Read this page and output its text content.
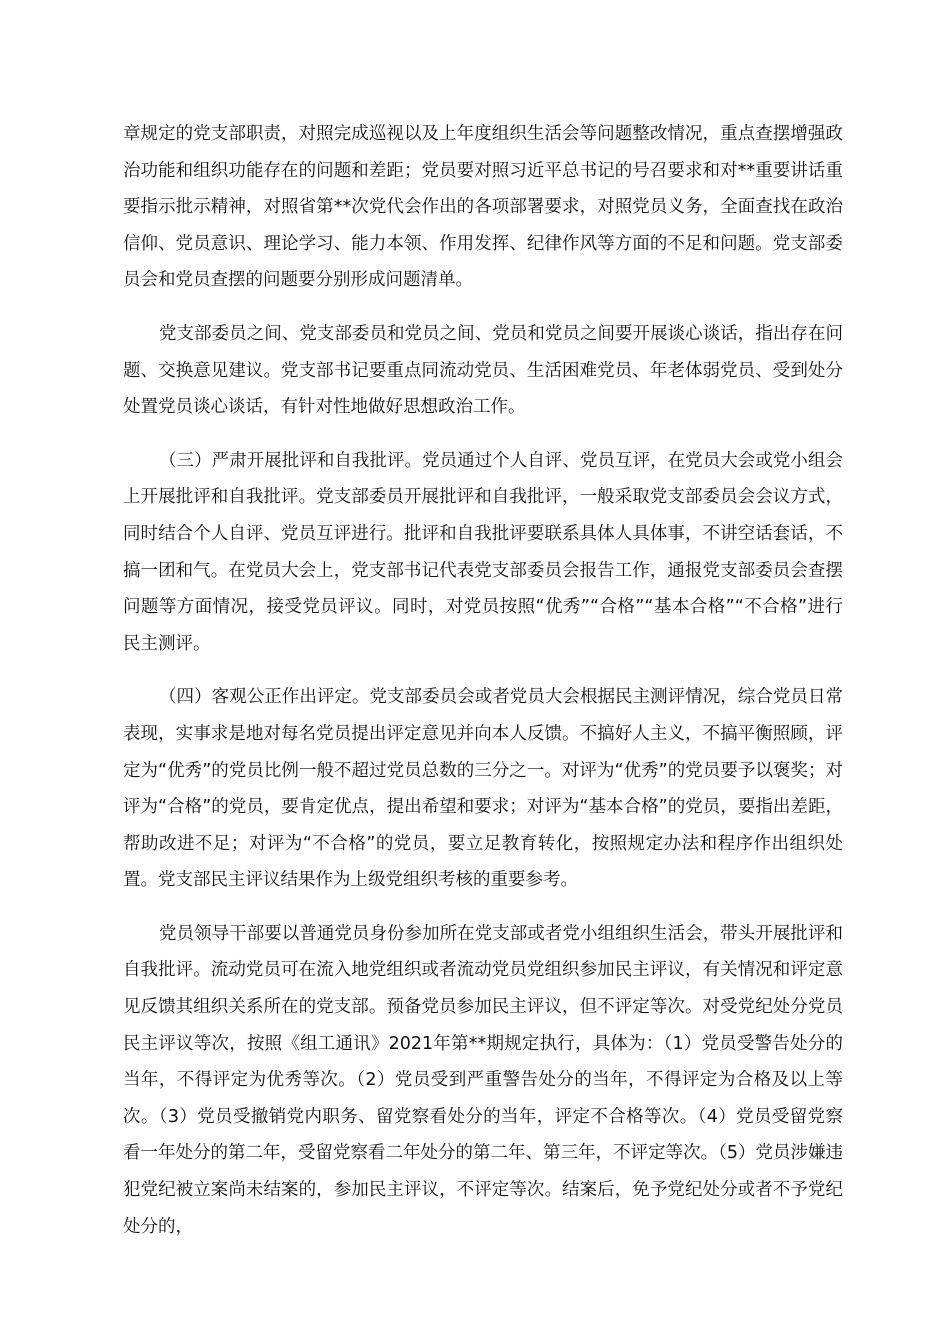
章规定的党支部职责，对照完成巡视以及上年度组织生活会等问题整改情况，重点查摆增强政治功能和组织功能存在的问题和差距；党员要对照习近平总书记的号召要求和对**重要讲话重要指示批示精神，对照省第**次党代会作出的各项部署要求，对照党员义务，全面查找在政治信仰、党员意识、理论学习、能力本领、作用发挥、纪律作风等方面的不足和问题。党支部委员会和党员查摆的问题要分别形成问题清单。

党支部委员之间、党支部委员和党员之间、党员和党员之间要开展谈心谈话，指出存在问题、交换意见建议。党支部书记要重点同流动党员、生活困难党员、年老体弱党员、受到处分处置党员谈心谈话，有针对性地做好思想政治工作。

（三）严肃开展批评和自我批评。党员通过个人自评、党员互评，在党员大会或党小组会上开展批评和自我批评。党支部委员开展批评和自我批评，一般采取党支部委员会会议方式，同时结合个人自评、党员互评进行。批评和自我批评要联系具体人具体事，不讲空话套话，不搞一团和气。在党员大会上，党支部书记代表党支部委员会报告工作，通报党支部委员会查摆问题等方面情况，接受党员评议。同时，对党员按照“优秀”“合格”“基本合格”“不合格”进行民主测评。

（四）客观公正作出评定。党支部委员会或者党员大会根据民主测评情况，综合党员日常表现，实事求是地对每名党员提出评定意见并向本人反馈。不搞好人主义，不搞平衡照顾，评定为“优秀”的党员比例一般不超过党员总数的三分之一。对评为“优秀”的党员要予以褒奖；对评为“合格”的党员，要肯定优点，提出希望和要求；对评为“基本合格”的党员，要指出差距，帮助改进不足；对评为“不合格”的党员，要立足教育转化，按照规定办法和程序作出组织处置。党支部民主评议结果作为上级党组织考核的重要参考。

党员领导干部要以普通党员身份参加所在党支部或者党小组组织生活会，带头开展批评和自我批评。流动党员可在流入地党组织或者流动党员党组织参加民主评议，有关情况和评定意见反馈其组织关系所在的党支部。预备党员参加民主评议，但不评定等次。对受党纪处分党员民主评议等次，按照《组工通讯》2021年第**期规定执行，具体为：（1）党员受警告处分的当年，不得评定为优秀等次。（2）党员受到严重警告处分的当年，不得评定为合格及以上等次。（3）党员受撤销党内职务、留党察看处分的当年，评定不合格等次。（4）党员受留党察看一年处分的第二年，受留党察看二年处分的第二年、第三年，不评定等次。（5）党员涉嫌违犯党纪被立案尚未结案的，参加民主评议，不评定等次。结案后，免予党纪处分或者不予党纪处分的，
